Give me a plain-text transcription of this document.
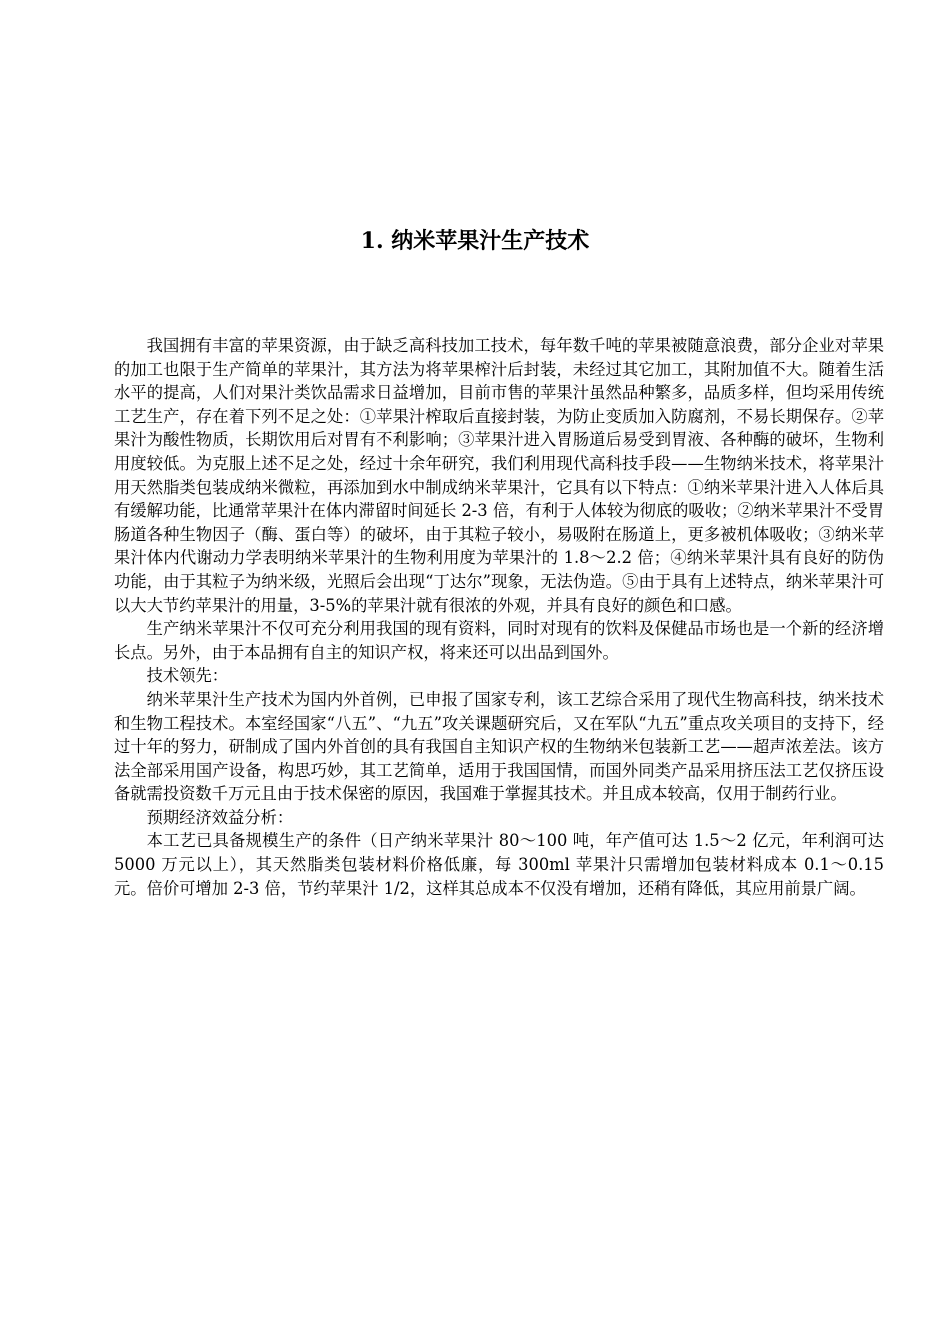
1. 纳米苹果汁生产技术

我国拥有丰富的苹果资源，由于缺乏高科技加工技术，每年数千吨的苹果被随意浪费，部分企业对苹果的加工也限于生产简单的苹果汁，其方法为将苹果榨汁后封装，未经过其它加工，其附加值不大。随着生活水平的提高，人们对果汁类饮品需求日益增加，目前市售的苹果汁虽然品种繁多，品质多样，但均采用传统工艺生产，存在着下列不足之处：①苹果汁榨取后直接封装，为防止变质加入防腐剂，不易长期保存。②苹果汁为酸性物质，长期饮用后对胃有不利影响；③苹果汁进入胃肠道后易受到胃液、各种酶的破坏，生物利用度较低。为克服上述不足之处，经过十余年研究，我们利用现代高科技手段——生物纳米技术，将苹果汁用天然脂类包装成纳米微粒，再添加到水中制成纳米苹果汁，它具有以下特点：①纳米苹果汁进入人体后具有缓解功能，比通常苹果汁在体内滞留时间延长 2-3 倍，有利于人体较为彻底的吸收；②纳米苹果汁不受胃肠道各种生物因子（酶、蛋白等）的破坏，由于其粒子较小，易吸附在肠道上，更多被机体吸收；③纳米苹果汁体内代谢动力学表明纳米苹果汁的生物利用度为苹果汁的 1.8～2.2 倍；④纳米苹果汁具有良好的防伪功能，由于其粒子为纳米级，光照后会出现“丁达尔”现象，无法伪造。⑤由于具有上述特点，纳米苹果汁可以大大节约苹果汁的用量，3-5%的苹果汁就有很浓的外观，并具有良好的颜色和口感。

生产纳米苹果汁不仅可充分利用我国的现有资料，同时对现有的饮料及保健品市场也是一个新的经济增长点。另外，由于本品拥有自主的知识产权，将来还可以出品到国外。

技术领先：

纳米苹果汁生产技术为国内外首例，已申报了国家专利，该工艺综合采用了现代生物高科技，纳米技术和生物工程技术。本室经国家“八五”、“九五”攻关课题研究后，又在军队“九五”重点攻关项目的支持下，经过十年的努力，研制成了国内外首创的具有我国自主知识产权的生物纳米包装新工艺——超声浓差法。该方法全部采用国产设备，构思巧妙，其工艺简单，适用于我国国情，而国外同类产品采用挤压法工艺仅挤压设备就需投资数千万元且由于技术保密的原因，我国难于掌握其技术。并且成本较高，仅用于制药行业。

预期经济效益分析：

本工艺已具备规模生产的条件（日产纳米苹果汁 80～100 吨，年产值可达 1.5～2 亿元，年利润可达 5000 万元以上），其天然脂类包装材料价格低廉，每 300ml 苹果汁只需增加包装材料成本 0.1～0.15 元。倍价可增加 2-3 倍，节约苹果汁 1/2，这样其总成本不仅没有增加，还稍有降低，其应用前景广阔。
